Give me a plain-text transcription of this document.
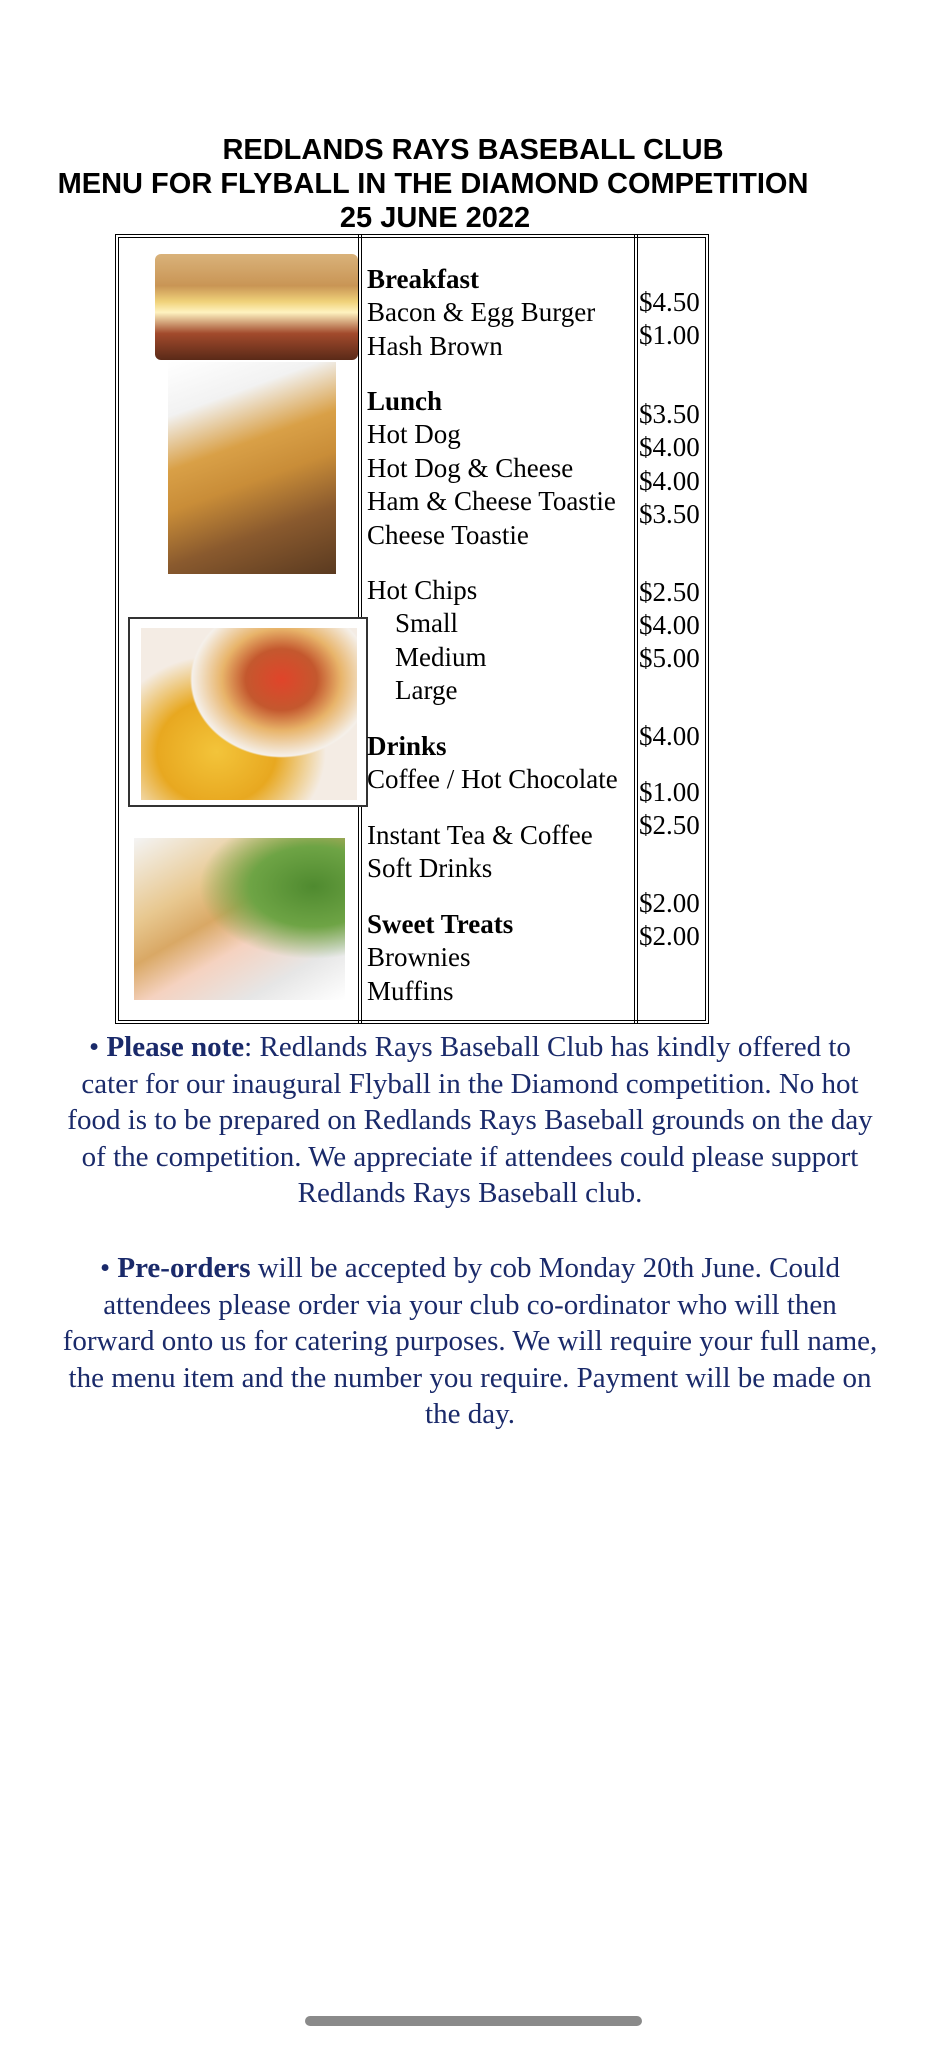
REDLANDS RAYS BASEBALL CLUB
MENU FOR FLYBALL IN THE DIAMOND COMPETITION
25 JUNE 2022
Breakfast
Bacon & Egg Burger
Hash Brown
Lunch
Hot Dog
Hot Dog & Cheese
Ham & Cheese Toastie
Cheese Toastie
Hot Chips
Small
Medium
Large
Drinks
Coffee / Hot Chocolate
Instant Tea & Coffee
Soft Drinks
Sweet Treats
Brownies
Muffins
$4.50
$1.00
$3.50
$4.00
$4.00
$3.50
$2.50
$4.00
$5.00
$4.00
$1.00
$2.50
$2.00
$2.00
• Please note: Redlands Rays Baseball Club has kindly offered to cater for our inaugural Flyball in the Diamond competition. No hot food is to be prepared on Redlands Rays Baseball grounds on the day of the competition. We appreciate if attendees could please support Redlands Rays Baseball club.
• Pre-orders will be accepted by cob Monday 20th June. Could attendees please order via your club co-ordinator who will then forward onto us for catering purposes. We will require your full name, the menu item and the number you require. Payment will be made on the day.
